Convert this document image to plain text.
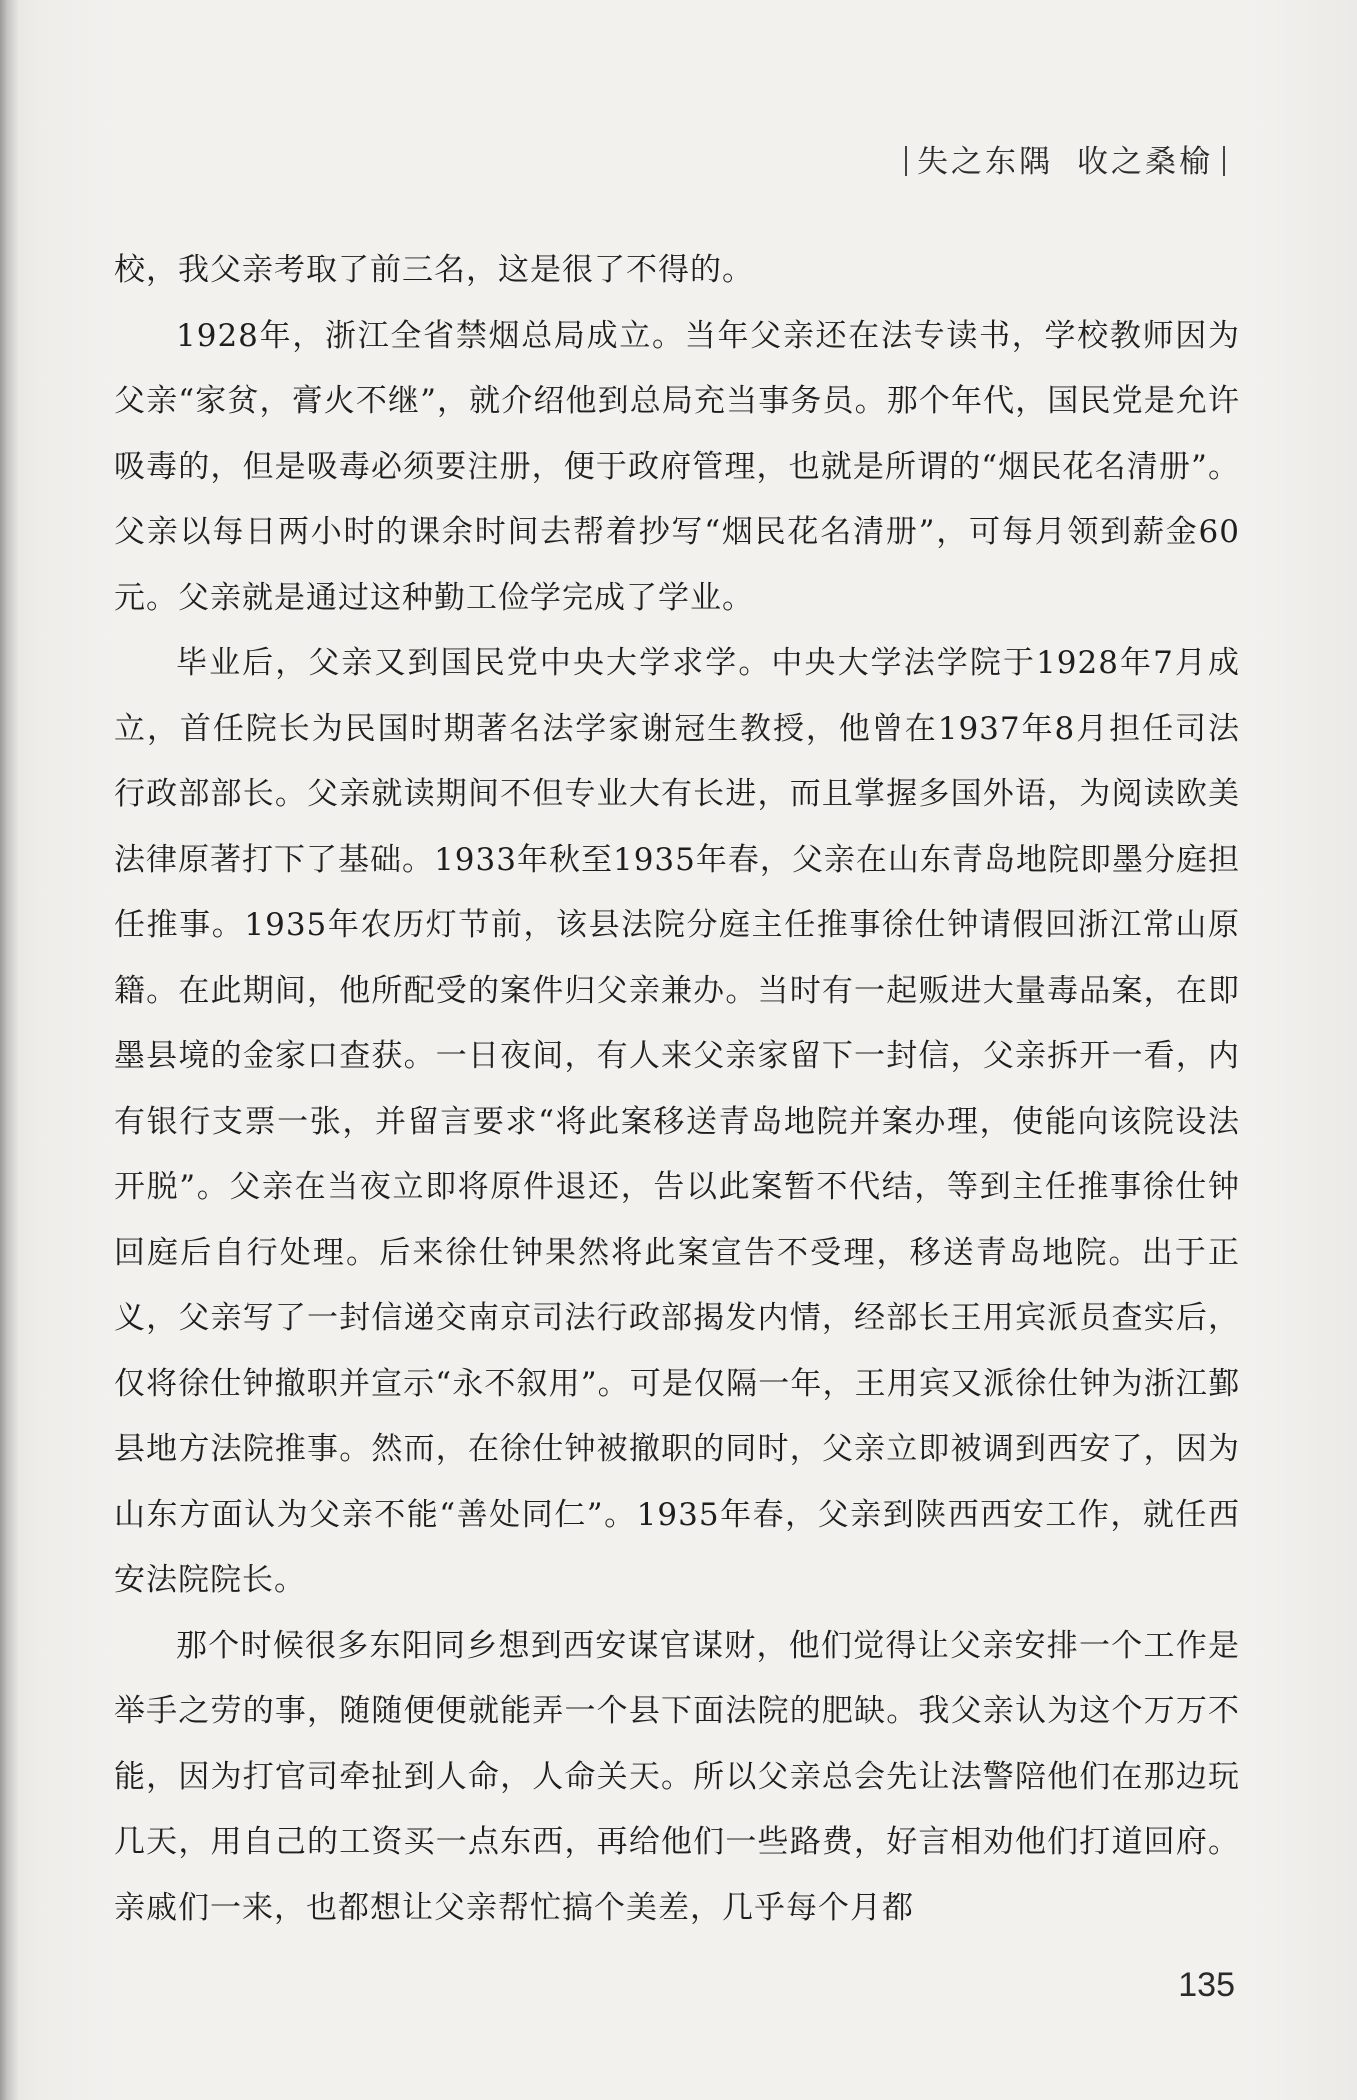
失之东隅 收之桑榆

校，我父亲考取了前三名，这是很了不得的。

1928年，浙江全省禁烟总局成立。当年父亲还在法专读书，学校教师因为父亲“家贫，膏火不继”，就介绍他到总局充当事务员。那个年代，国民党是允许吸毒的，但是吸毒必须要注册，便于政府管理，也就是所谓的“烟民花名清册”。父亲以每日两小时的课余时间去帮着抄写“烟民花名清册”，可每月领到薪金60元。父亲就是通过这种勤工俭学完成了学业。

毕业后，父亲又到国民党中央大学求学。中央大学法学院于1928年7月成立，首任院长为民国时期著名法学家谢冠生教授，他曾在1937年8月担任司法行政部部长。父亲就读期间不但专业大有长进，而且掌握多国外语，为阅读欧美法律原著打下了基础。1933年秋至1935年春，父亲在山东青岛地院即墨分庭担任推事。1935年农历灯节前，该县法院分庭主任推事徐仕钟请假回浙江常山原籍。在此期间，他所配受的案件归父亲兼办。当时有一起贩进大量毒品案，在即墨县境的金家口查获。一日夜间，有人来父亲家留下一封信，父亲拆开一看，内有银行支票一张，并留言要求“将此案移送青岛地院并案办理，使能向该院设法开脱”。父亲在当夜立即将原件退还，告以此案暂不代结，等到主任推事徐仕钟回庭后自行处理。后来徐仕钟果然将此案宣告不受理，移送青岛地院。出于正义，父亲写了一封信递交南京司法行政部揭发内情，经部长王用宾派员查实后，仅将徐仕钟撤职并宣示“永不叙用”。可是仅隔一年，王用宾又派徐仕钟为浙江鄞县地方法院推事。然而，在徐仕钟被撤职的同时，父亲立即被调到西安了，因为山东方面认为父亲不能“善处同仁”。1935年春，父亲到陕西西安工作，就任西安法院院长。

那个时候很多东阳同乡想到西安谋官谋财，他们觉得让父亲安排一个工作是举手之劳的事，随随便便就能弄一个县下面法院的肥缺。我父亲认为这个万万不能，因为打官司牵扯到人命，人命关天。所以父亲总会先让法警陪他们在那边玩几天，用自己的工资买一点东西，再给他们一些路费，好言相劝他们打道回府。亲戚们一来，也都想让父亲帮忙搞个美差，几乎每个月都

135
